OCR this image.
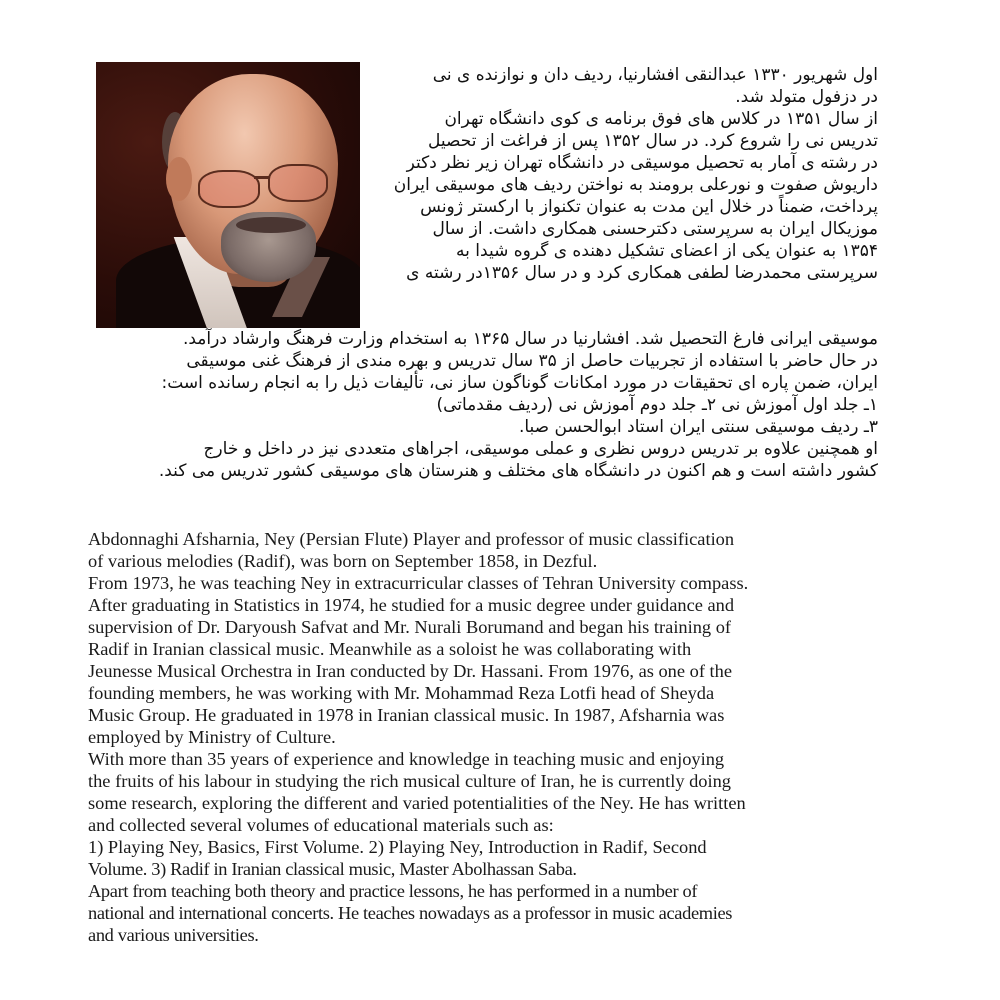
اول شهریور ۱۳۳۰ عبدالنقی افشارنیا، ردیف دان و نوازنده ی نی
در دزفول متولد شد.
از سال ۱۳۵۱ در کلاس های فوق برنامه ی کوی دانشگاه تهران
تدریس نی را شروع کرد. در سال ۱۳۵۲ پس از فراغت از تحصیل
در رشته ی آمار به تحصیل موسیقی در دانشگاه تهران زیر نظر دکتر
داریوش صفوت و نورعلی برومند به نواختن ردیف های موسیقی ایران
پرداخت، ضمناً در خلال این مدت به عنوان تکنواز با ارکستر ژونس
موزیکال ایران به سرپرستی دکترحسنی همکاری داشت. از سال
۱۳۵۴ به عنوان یکی از اعضای تشکیل دهنده ی گروه شیدا به
سرپرستی محمدرضا لطفی همکاری کرد و در سال ۱۳۵۶در رشته ی
موسیقی ایرانی فارغ التحصیل شد. افشارنیا در سال ۱۳۶۵ به استخدام وزارت فرهنگ وارشاد درآمد.
در حال حاضر با استفاده از تجربیات حاصل از ۳۵ سال تدریس و بهره مندی از فرهنگ غنی موسیقی
ایران، ضمن پاره ای تحقیقات در مورد امکانات گوناگون ساز نی، تألیفات ذیل را به انجام رسانده است:
۱ـ جلد اول آموزش نی ۲ـ جلد دوم آموزش نی (ردیف مقدماتی)
۳ـ ردیف موسیقی سنتی ایران استاد ابوالحسن صبا.
او همچنین علاوه بر تدریس دروس نظری و عملی موسیقی، اجراهای متعددی نیز در داخل و خارج
کشور داشته است و هم اکنون در دانشگاه های مختلف و هنرستان های موسیقی کشور تدریس می کند.
Abdonnaghi Afsharnia, Ney (Persian Flute) Player and professor of music classification
of various melodies (Radif), was born on September 1858, in Dezful.
From 1973, he was teaching Ney in extracurricular classes of Tehran University compass.
After graduating in Statistics in 1974, he studied for a music degree under guidance and
supervision of Dr. Daryoush Safvat and Mr. Nurali Borumand and began his training of
Radif in Iranian classical music. Meanwhile as a soloist he was collaborating with
Jeunesse Musical Orchestra in Iran conducted by Dr. Hassani. From 1976, as one of the
founding members, he was working with Mr. Mohammad Reza Lotfi head of Sheyda
Music Group. He graduated in 1978 in Iranian classical music. In 1987, Afsharnia was
employed by Ministry of Culture.
With more than 35 years of experience and knowledge in teaching music and enjoying
the fruits of his labour in studying the rich musical culture of Iran, he is currently doing
some research, exploring the different and varied potentialities of the Ney. He has written
and collected several volumes of educational materials such as:
1) Playing Ney, Basics, First Volume. 2) Playing Ney, Introduction in Radif, Second
Volume. 3) Radif in Iranian classical music, Master Abolhassan Saba.
Apart from teaching both theory and practice lessons, he has performed in a number of
national and international concerts. He teaches nowadays as a professor in music academies
and various universities.
